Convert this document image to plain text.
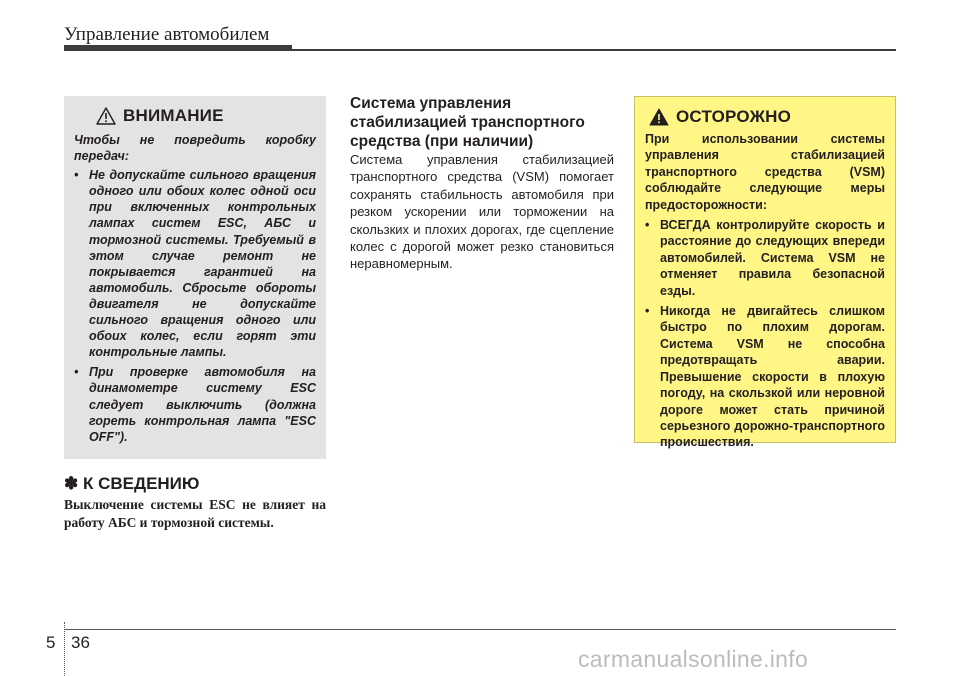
Управление автомобилем
ВНИМАНИЕ

Чтобы не повредить коробку передач:

• Не допускайте сильного вращения одного или обоих колес одной оси при включенных контрольных лампах систем ESC, АБС и тормозной системы. Требуемый в этом случае ремонт не покрывается гарантией на автомобиль. Сбросьте обороты двигателя не допускайте сильного вращения одного или обоих колес, если горят эти контрольные лампы.
• При проверке автомобиля на динамометре систему ESC следует выключить (должна гореть контрольная лампа "ESC OFF").
✽ К СВЕДЕНИЮ
Выключение системы ESC не влияет на работу АБС и тормозной системы.
Система управления стабилизацией транспортного средства (при наличии)
Система управления стабилизацией транспортного средства (VSM) помогает сохранять стабильность автомобиля при резком ускорении или торможении на скользких и плохих дорогах, где сцепление колес с дорогой может резко становиться неравномерным.
ОСТОРОЖНО

При использовании системы управления стабилизацией транспортного средства (VSM) соблюдайте следующие меры предосторожности:

• ВСЕГДА контролируйте скорость и расстояние до следующих впереди автомобилей. Система VSM не отменяет правила безопасной езды.
• Никогда не двигайтесь слишком быстро по плохим дорогам. Система VSM не способна предотвращать аварии. Превышение скорости в плохую погоду, на скользкой или неровной дороге может стать причиной серьезного дорожно-транспортного происшествия.
5 36
carmanualsonline.info
